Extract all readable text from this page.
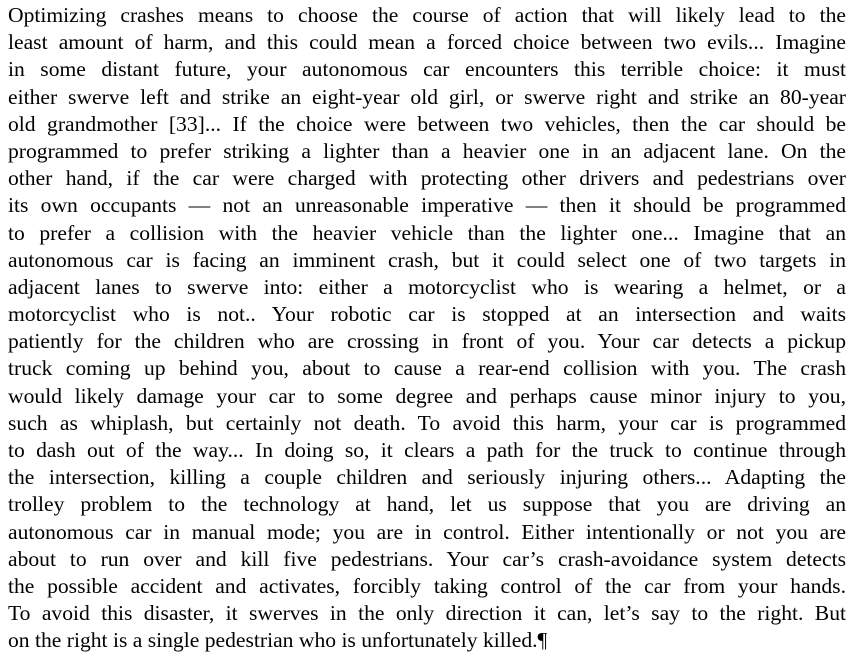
Optimizing crashes means to choose the course of action that will likely lead to the
least amount of harm, and this could mean a forced choice between two evils... Imagine
in some distant future, your autonomous car encounters this terrible choice: it must
either swerve left and strike an eight-year old girl, or swerve right and strike an 80-year
old grandmother [33]... If the choice were between two vehicles, then the car should be
programmed to prefer striking a lighter than a heavier one in an adjacent lane. On the
other hand, if the car were charged with protecting other drivers and pedestrians over
its own occupants — not an unreasonable imperative — then it should be programmed
to prefer a collision with the heavier vehicle than the lighter one... Imagine that an
autonomous car is facing an imminent crash, but it could select one of two targets in
adjacent lanes to swerve into: either a motorcyclist who is wearing a helmet, or a
motorcyclist who is not.. Your robotic car is stopped at an intersection and waits
patiently for the children who are crossing in front of you. Your car detects a pickup
truck coming up behind you, about to cause a rear-end collision with you. The crash
would likely damage your car to some degree and perhaps cause minor injury to you,
such as whiplash, but certainly not death. To avoid this harm, your car is programmed
to dash out of the way... In doing so, it clears a path for the truck to continue through
the intersection, killing a couple children and seriously injuring others... Adapting the
trolley problem to the technology at hand, let us suppose that you are driving an
autonomous car in manual mode; you are in control. Either intentionally or not you are
about to run over and kill five pedestrians. Your car’s crash-avoidance system detects
the possible accident and activates, forcibly taking control of the car from your hands.
To avoid this disaster, it swerves in the only direction it can, let’s say to the right. But
on the right is a single pedestrian who is unfortunately killed.¶
